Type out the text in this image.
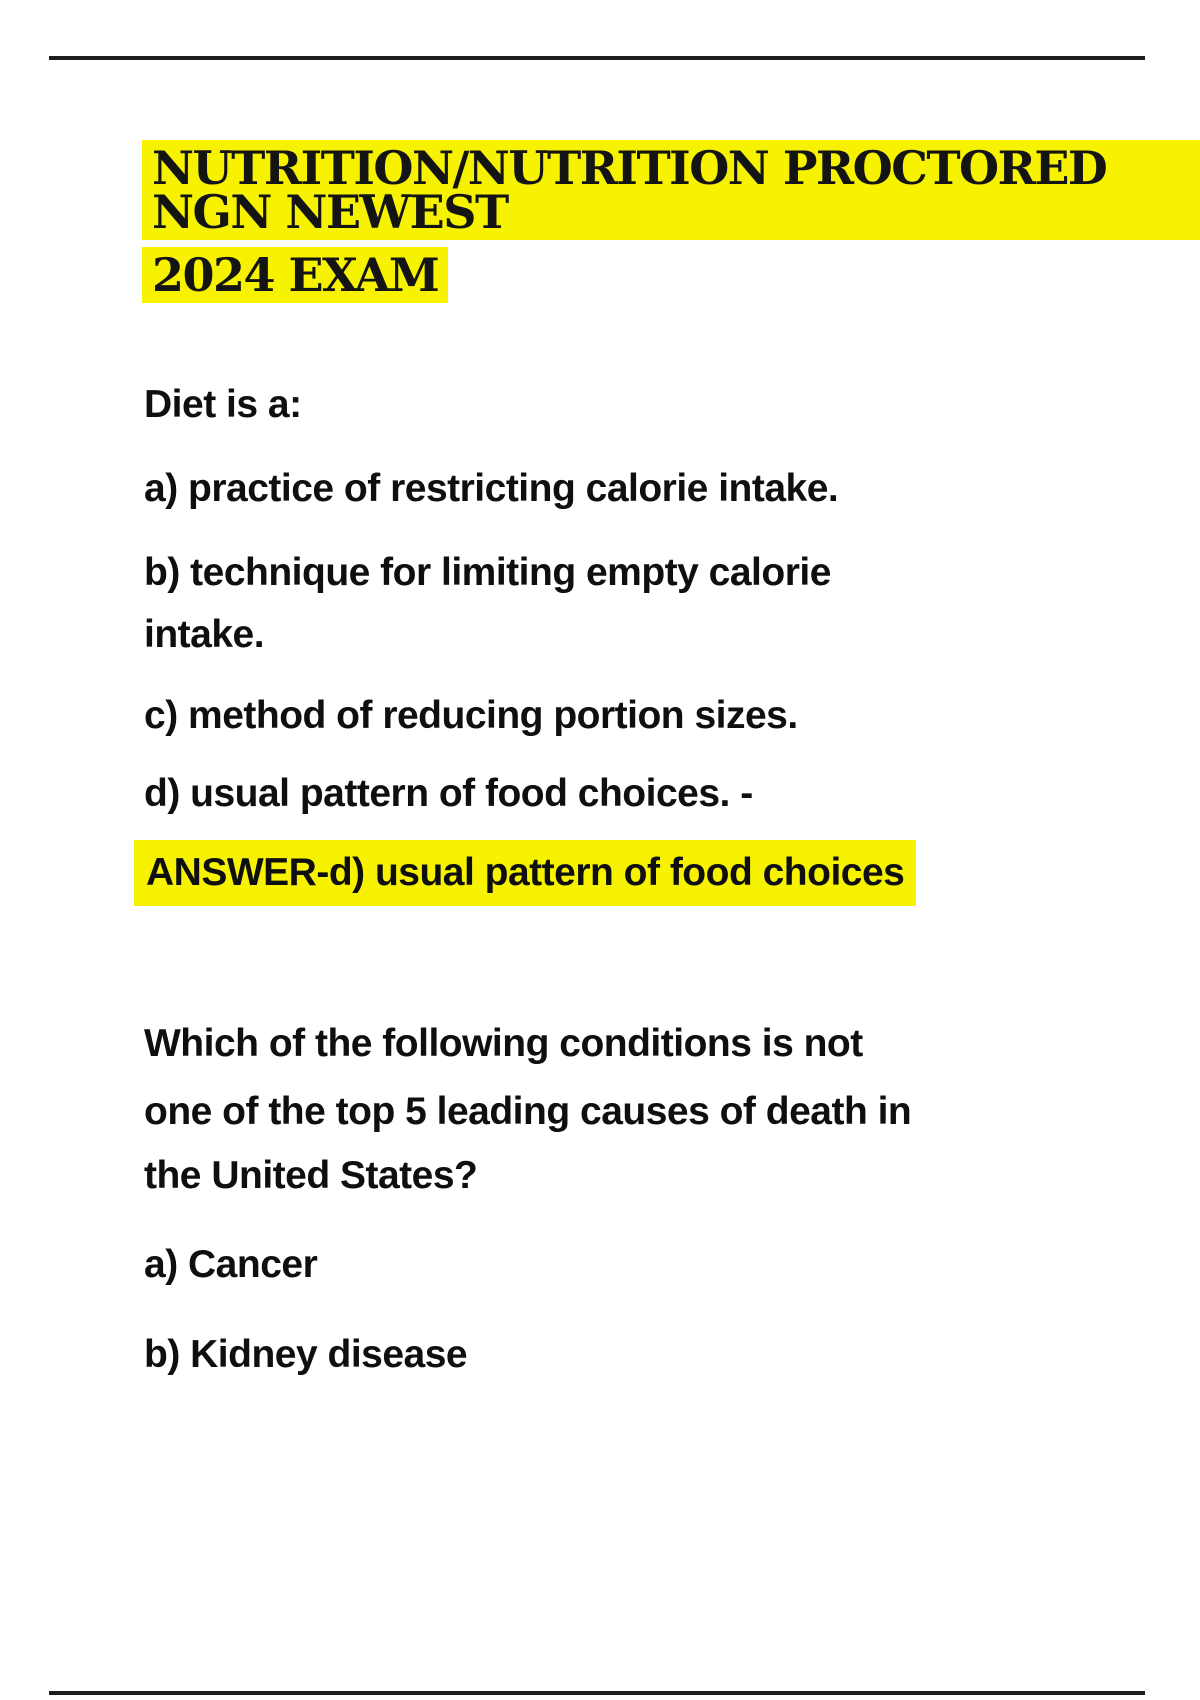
NUTRITION/NUTRITION PROCTORED NGN NEWEST
2024 EXAM
Diet is a:
a) practice of restricting calorie intake.
b) technique for limiting empty calorie
intake.
c) method of reducing portion sizes.
d) usual pattern of food choices. -
ANSWER-d) usual pattern of food choices
Which of the following conditions is not
one of the top 5 leading causes of death in
the United States?
a) Cancer
b) Kidney disease
